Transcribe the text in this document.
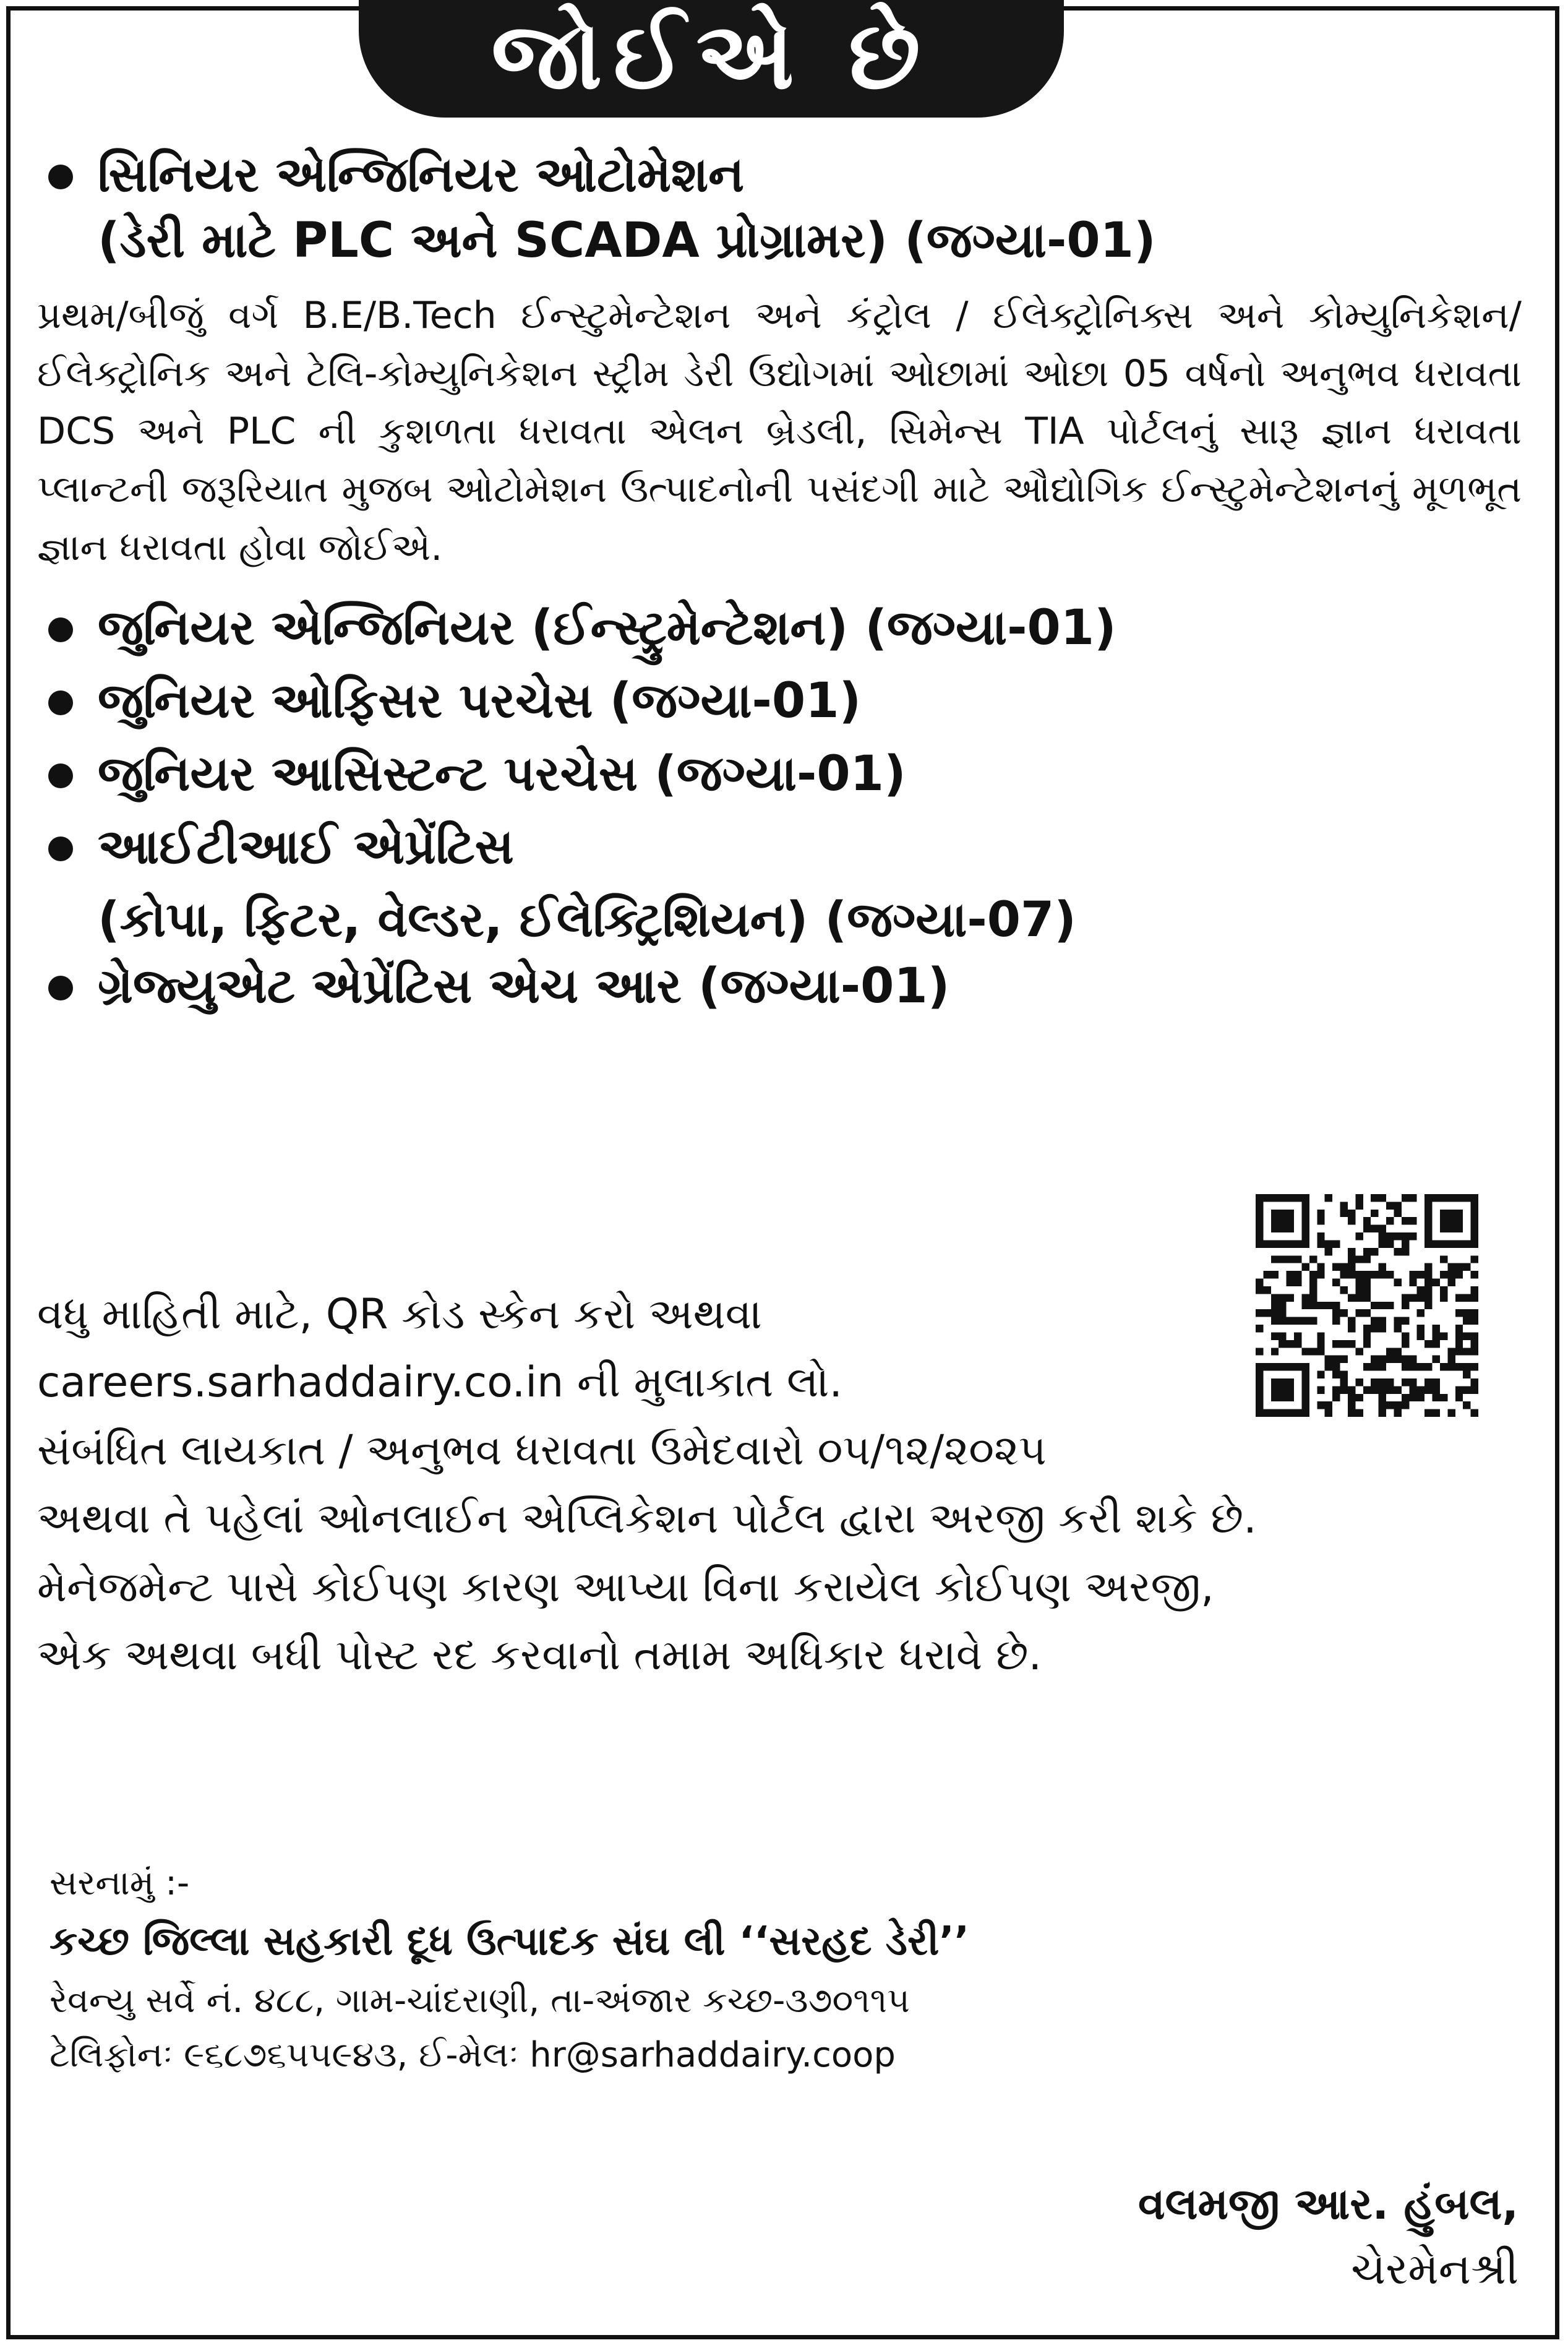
જોઈએ છે
સિનિયર એન્જિનિયર ઓટોમેશન
(ડેરી માટે PLC અને SCADA પ્રોગ્રામર) (જગ્યા-01)
પ્રથમ/બીજું વર્ગ B.E/B.Tech ઈન્સ્ટુમેન્ટેશન અને કંટ્રોલ / ઈલેક્ટ્રોનિક્સ અને કોમ્યુનિકેશન/ઈલેક્ટ્રોનિક અને ટેલિ-કોમ્યુનિકેશન સ્ટ્રીમ ડેરી ઉદ્યોગમાં ઓછામાં ઓછા 05 વર્ષનો અનુભવ ધરાવતા DCS અને PLC ની કુશળતા ધરાવતા એલન બ્રેડલી, સિમેન્સ TIA પોર્ટલનું સારૂ જ્ઞાન ધરાવતા પ્લાન્ટની જરૂરિયાત મુજબ ઓટોમેશન ઉત્પાદનોની પસંદગી માટે ઔદ્યોગિક ઈન્સ્ટુમેન્ટેશનનું મૂળભૂત જ્ઞાન ધરાવતા હોવા જોઈએ.
જુનિયર એન્જિનિયર (ઈન્સ્ટ્રુમેન્ટેશન) (જગ્યા-01)
જુનિયર ઓફિસર પરચેસ (જગ્યા-01)
જુનિયર આસિસ્ટન્ટ પરચેસ (જગ્યા-01)
આઈટીઆઈ એપ્રેંટિસ
(કોપા, ફિટર, વેલ્ડર, ઈલેક્ટ્રિશિયન) (જગ્યા-07)
ગ્રેજ્યુએટ એપ્રેંટિસ એચ આર (જગ્યા-01)
વધુ માહિતી માટે, QR કોડ સ્કેન કરો અથવા
careers.sarhaddairy.co.in ની મુલાકાત લો.
સંબંધિત લાયકાત / અનુભવ ધરાવતા ઉમેદવારો ૦૫/૧૨/૨૦૨૫
અથવા તે પહેલાં ઓનલાઈન એપ્લિકેશન પોર્ટલ દ્વારા અરજી કરી શકે છે.
મેનેજમેન્ટ પાસે કોઈપણ કારણ આપ્યા વિના કરાયેલ કોઈપણ અરજી,
એક અથવા બધી પોસ્ટ રદ કરવાનો તમામ અધિકાર ધરાવે છે.
સરનામું :-
કચ્છ જિલ્લા સહકારી દૂધ ઉત્પાદક સંઘ લી ‘‘સરહદ ડેરી’’
રેવન્યુ સર્વે નં. ૪૮૮, ગામ-ચાંદરાણી, તા-અંજાર કચ્છ-૩૭૦૧૧૫
ટેલિફોનઃ ૯૬૮૭૬૫૫૯૪૩, ઈ-મેલઃ hr@sarhaddairy.coop
વલમજી આર. હુંબલ,
ચેરમેનશ્રી
